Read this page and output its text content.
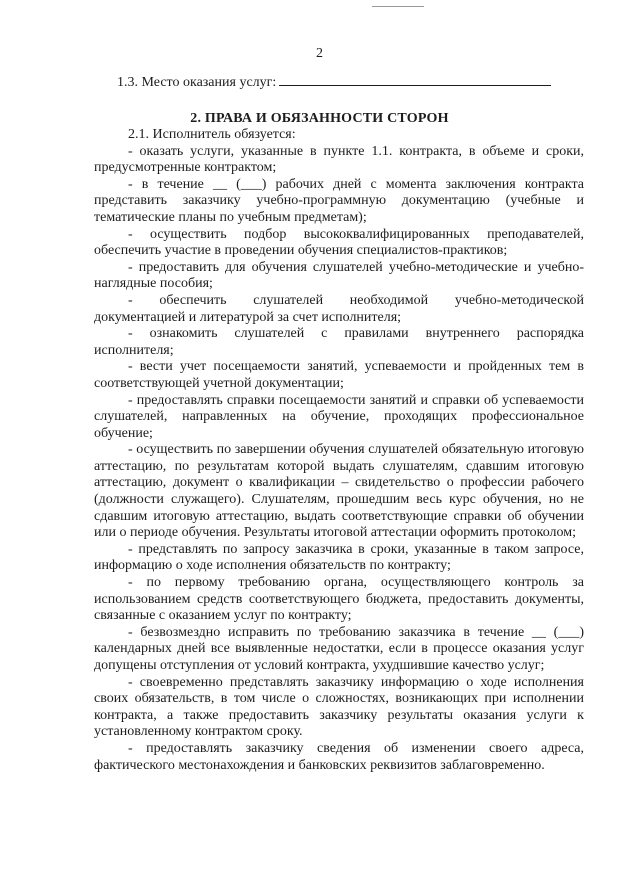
2
1.3. Место оказания услуг:
2. ПРАВА И ОБЯЗАННОСТИ СТОРОН

2.1. Исполнитель обязуется:

- оказать услуги, указанные в пункте 1.1. контракта, в объеме и сроки, предусмотренные контрактом;

- в течение __ (___) рабочих дней с момента заключения контракта представить заказчику учебно-программную документацию (учебные и тематические планы по учебным предметам);

- осуществить подбор высококвалифицированных преподавателей, обеспечить участие в проведении обучения специалистов-практиков;

- предоставить для обучения слушателей учебно-методические и учебно-наглядные пособия;

- обеспечить слушателей необходимой учебно-методической документацией и литературой за счет исполнителя;

- ознакомить слушателей с правилами внутреннего распорядка исполнителя;

- вести учет посещаемости занятий, успеваемости и пройденных тем в соответствующей учетной документации;

- предоставлять справки посещаемости занятий и справки об успеваемости слушателей, направленных на обучение, проходящих профессиональное обучение;

- осуществить по завершении обучения слушателей обязательную итоговую аттестацию, по результатам которой выдать слушателям, сдавшим итоговую аттестацию, документ о квалификации – свидетельство о профессии рабочего (должности служащего). Слушателям, прошедшим весь курс обучения, но не сдавшим итоговую аттестацию, выдать соответствующие справки об обучении или о периоде обучения. Результаты итоговой аттестации оформить протоколом;

- представлять по запросу заказчика в сроки, указанные в таком запросе, информацию о ходе исполнения обязательств по контракту;

- по первому требованию органа, осуществляющего контроль за использованием средств соответствующего бюджета, предоставить документы, связанные с оказанием услуг по контракту;

- безвозмездно исправить по требованию заказчика в течение __ (___) календарных дней все выявленные недостатки, если в процессе оказания услуг допущены отступления от условий контракта, ухудшившие качество услуг;

- своевременно представлять заказчику информацию о ходе исполнения своих обязательств, в том числе о сложностях, возникающих при исполнении контракта, а также предоставить заказчику результаты оказания услуги к установленному контрактом сроку.

- предоставлять заказчику сведения об изменении своего адреса, фактического местонахождения и банковских реквизитов заблаговременно.
